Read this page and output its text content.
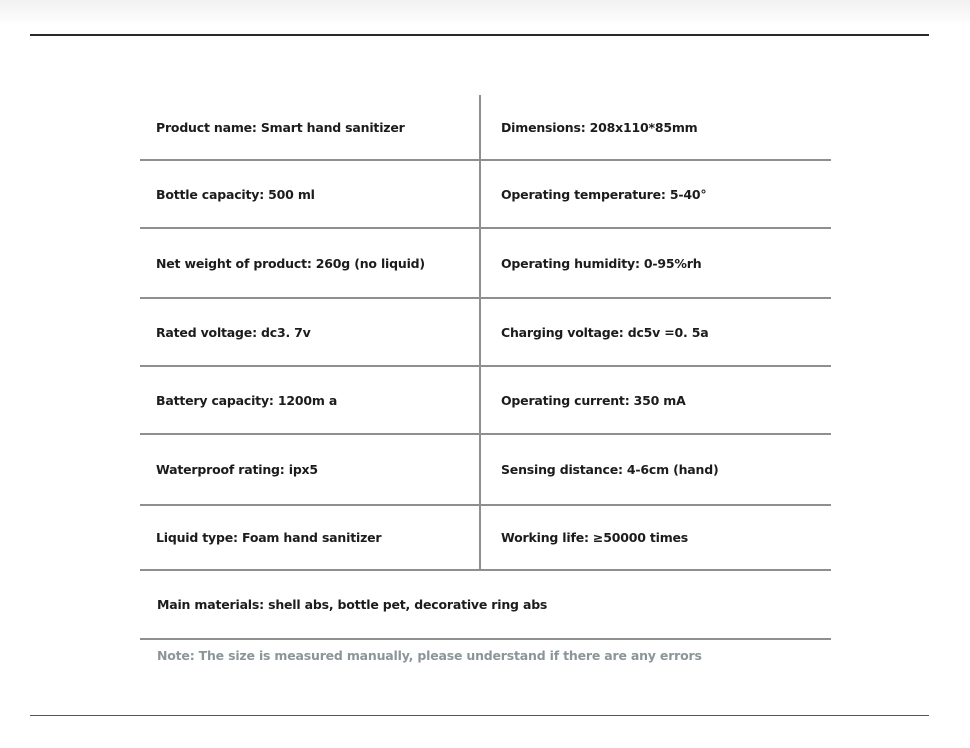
Product name: Smart hand sanitizer	Dimensions: 208x110*85mm
Bottle capacity: 500 ml	Operating temperature: 5-40°
Net weight of product: 260g (no liquid)	Operating humidity: 0-95%rh
Rated voltage: dc3. 7v	Charging voltage: dc5v =0. 5a
Battery capacity: 1200m a	Operating current: 350 mA
Waterproof rating: ipx5	Sensing distance: 4-6cm (hand)
Liquid type: Foam hand sanitizer	Working life: ≥50000 times
Main materials: shell abs, bottle pet, decorative ring abs
Note: The size is measured manually, please understand if there are any errors
